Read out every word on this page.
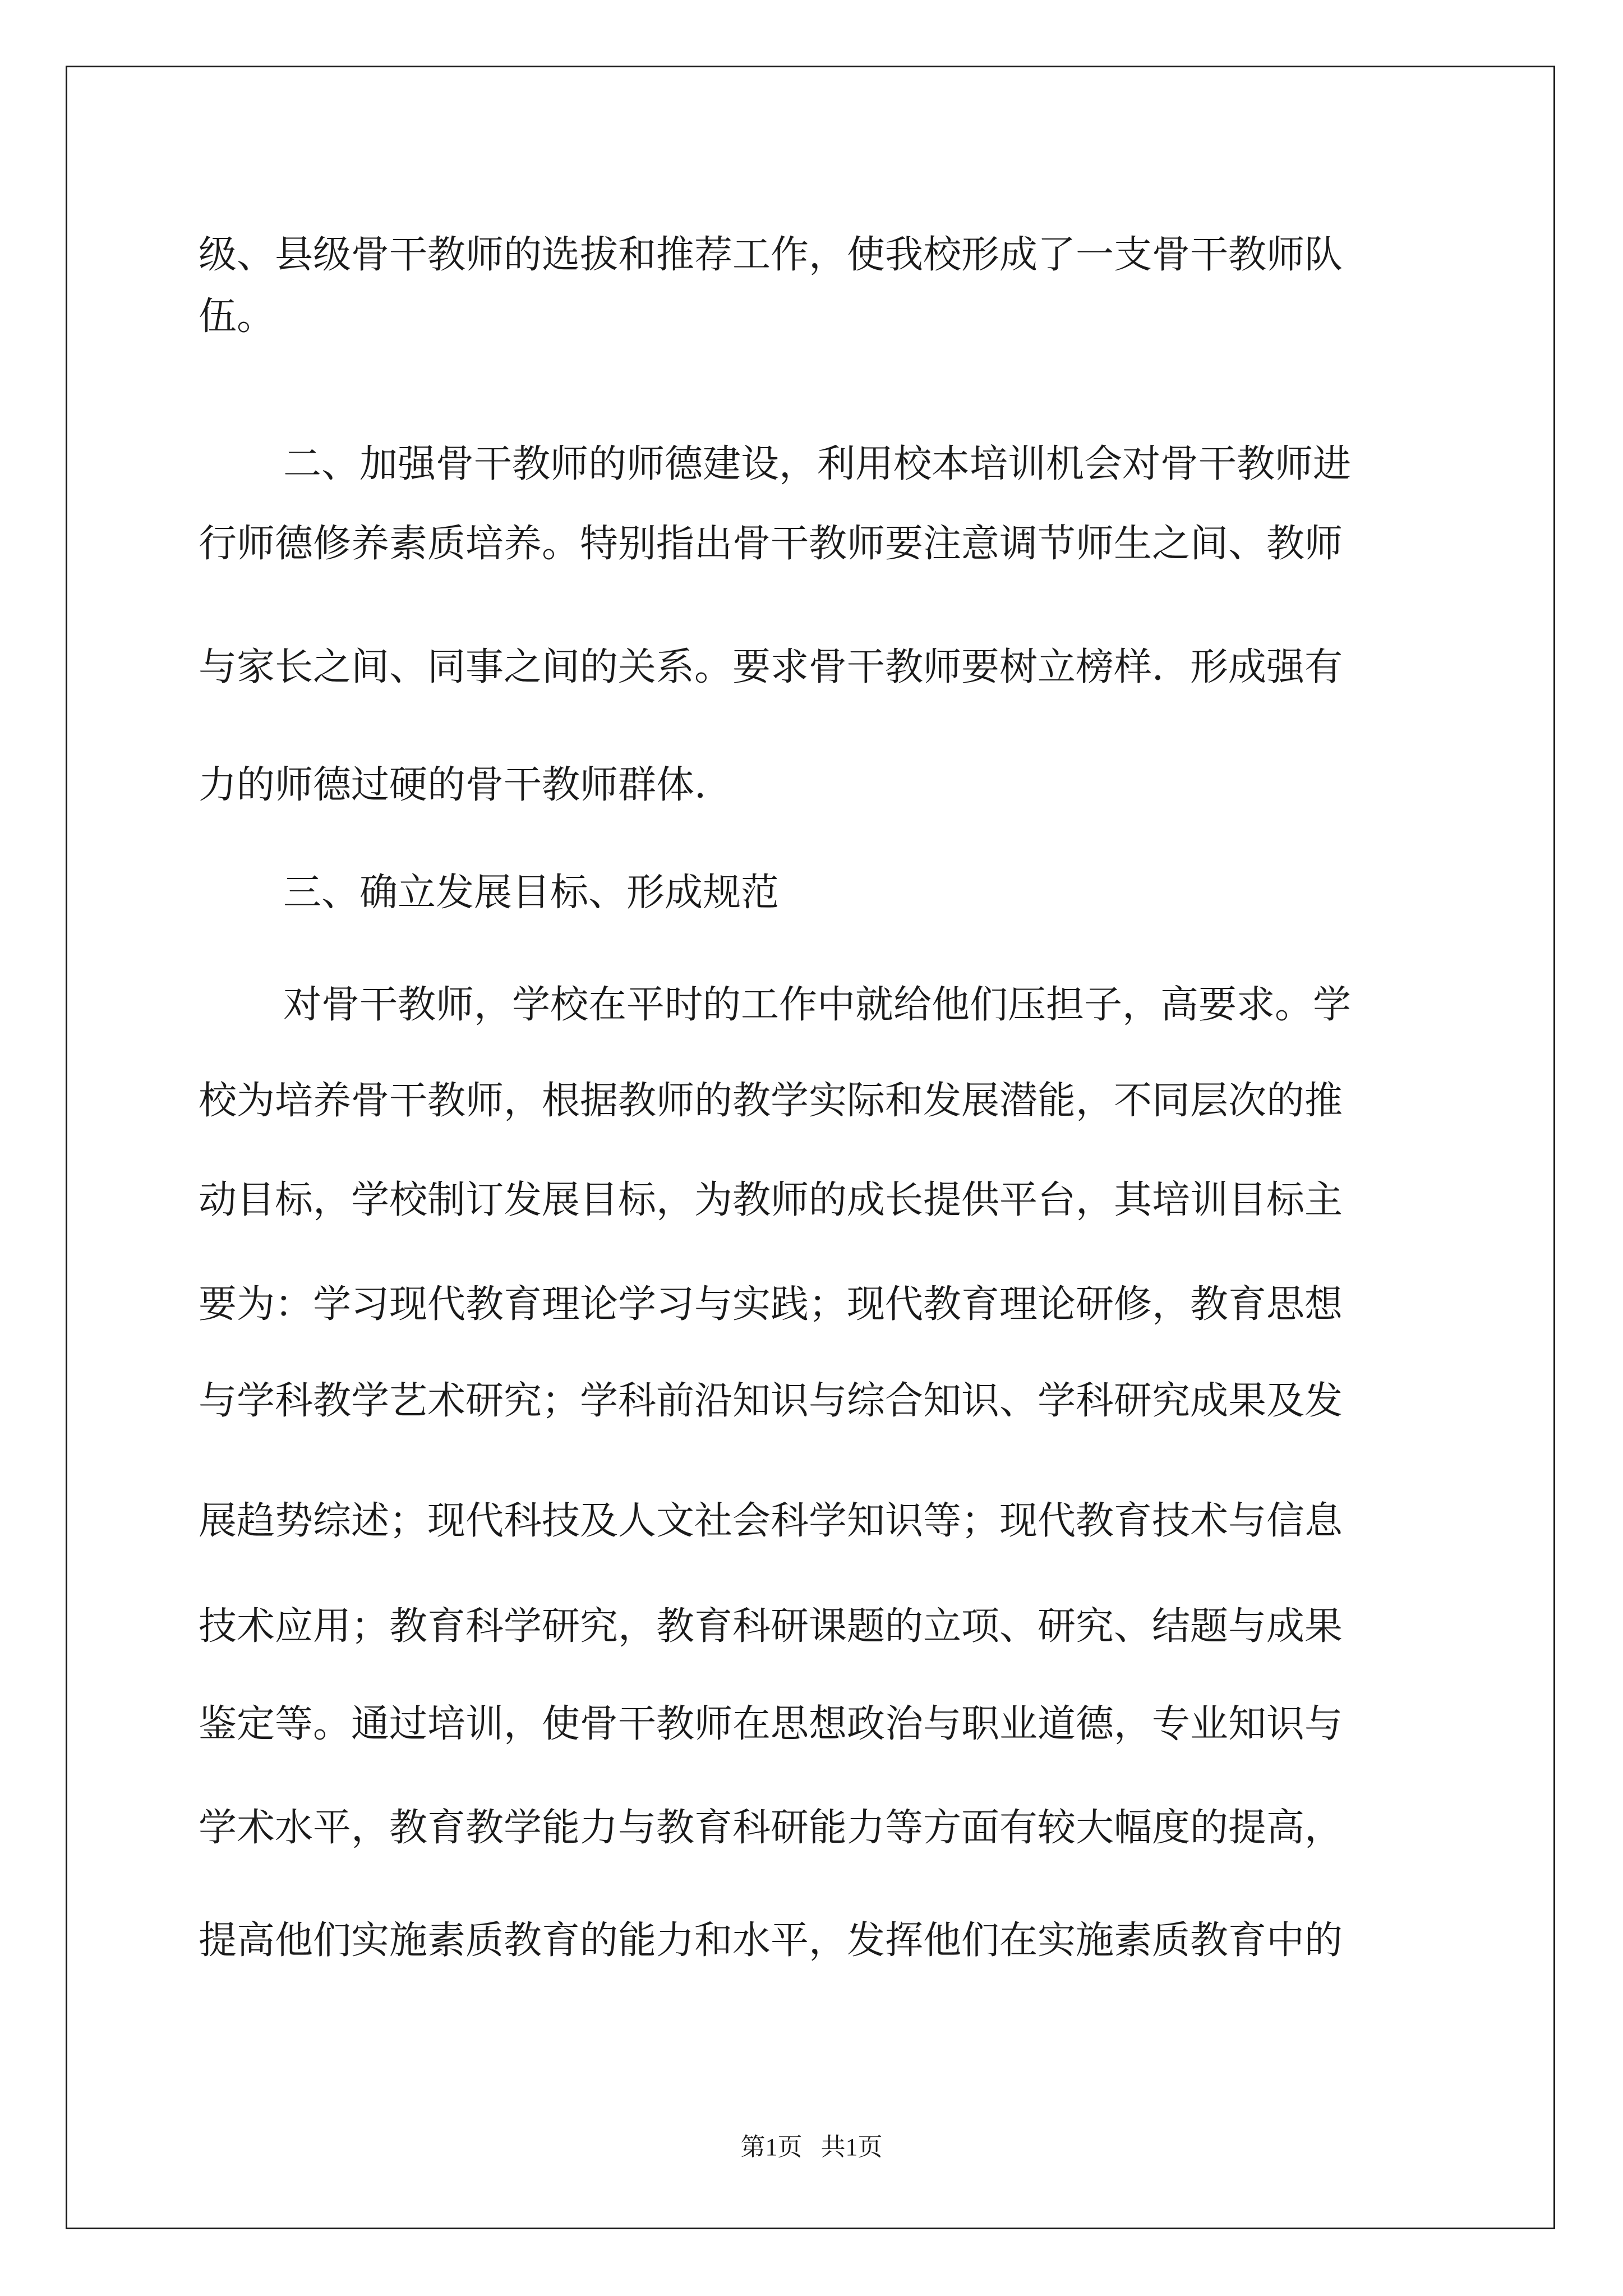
级、县级骨干教师的选拔和推荐工作，使我校形成了一支骨干教师队
伍。
二、加强骨干教师的师德建设，利用校本培训机会对骨干教师进
行师德修养素质培养。特别指出骨干教师要注意调节师生之间、教师
与家长之间、同事之间的关系。要求骨干教师要树立榜样．形成强有
力的师德过硬的骨干教师群体．
三、确立发展目标、形成规范
对骨干教师，学校在平时的工作中就给他们压担子，高要求。学
校为培养骨干教师，根据教师的教学实际和发展潜能，不同层次的推
动目标，学校制订发展目标，为教师的成长提供平台，其培训目标主
要为：学习现代教育理论学习与实践；现代教育理论研修，教育思想
与学科教学艺术研究；学科前沿知识与综合知识、学科研究成果及发
展趋势综述；现代科技及人文社会科学知识等；现代教育技术与信息
技术应用；教育科学研究，教育科研课题的立项、研究、结题与成果
鉴定等。通过培训，使骨干教师在思想政治与职业道德，专业知识与
学术水平，教育教学能力与教育科研能力等方面有较大幅度的提高，
提高他们实施素质教育的能力和水平，发挥他们在实施素质教育中的
第1页   共1页
